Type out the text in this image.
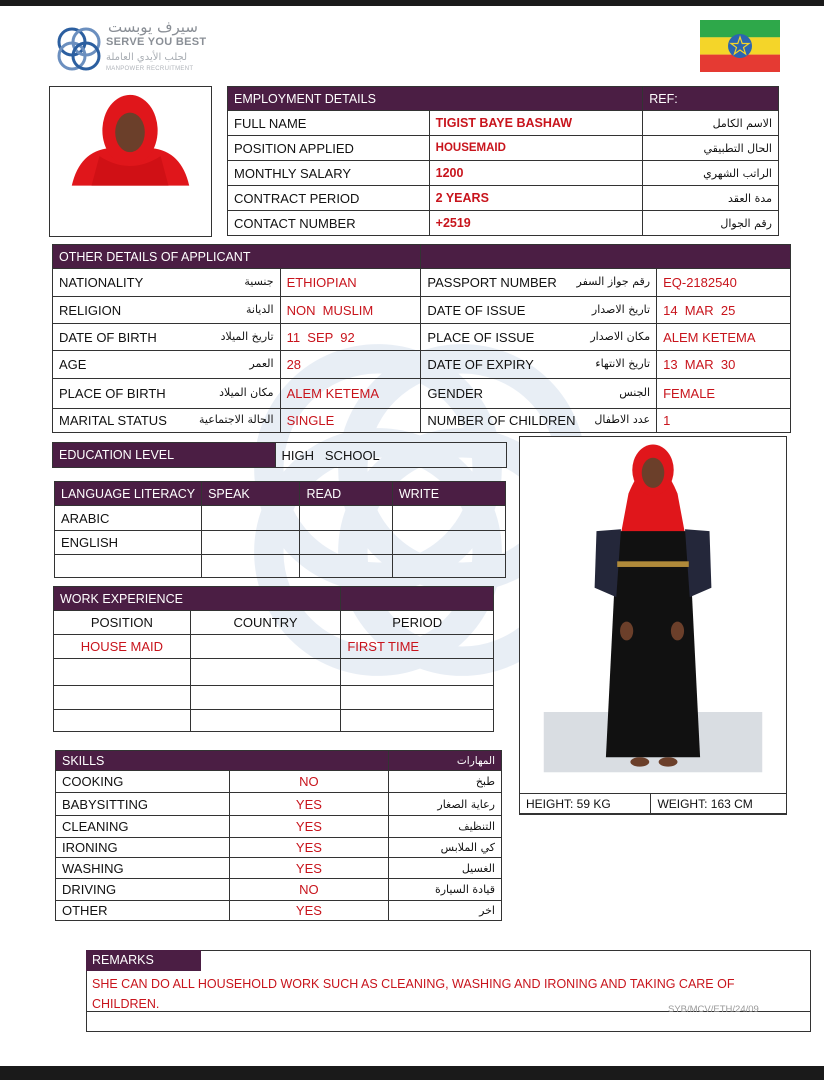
سيرف يوبست
SERVE YOU BEST
لجلب الأيدي العاملة
MANPOWER RECRUITMENT
EMPLOYMENT DETAILS		REF:
FULL NAME	TIGIST BAYE BASHAW	الاسم الكامل
POSITION APPLIED	HOUSEMAID	الحال التطبيقي
MONTHLY SALARY	1200	الراتب الشهري
CONTRACT PERIOD	2 YEARS	مدة العقد
CONTACT NUMBER	+2519	رقم الجوال
OTHER DETAILS OF APPLICANT			
NATIONALITY جنسية	ETHIOPIAN	PASSPORT NUMBER رقم جواز السفر	EQ-2182540
RELIGION الديانة	NON  MUSLIM	DATE OF ISSUE تاريخ الاصدار	14  MAR  25
DATE OF BIRTH تاريخ الميلاد	11  SEP  92	PLACE OF ISSUE مكان الاصدار	ALEM KETEMA
AGE العمر	28	DATE OF EXPIRY تاريخ الانتهاء	13  MAR  30
PLACE OF BIRTH مكان الميلاد	ALEM KETEMA	GENDER الجنس	FEMALE
MARITAL STATUS الحالة الاجتماعية	SINGLE	NUMBER OF CHILDREN عدد الاطفال	1
EDUCATION LEVEL	HIGH   SCHOOL
LANGUAGE LITERACY	SPEAK	READ	WRITE
ARABIC			
ENGLISH			

WORK EXPERIENCE		
POSITION	COUNTRY	PERIOD
HOUSE MAID		FIRST TIME

SKILLS		المهارات
COOKING	NO	طبخ
BABYSITTING	YES	رعاية الصغار
CLEANING	YES	التنظيف
IRONING	YES	كي الملابس
WASHING	YES	الغسيل
DRIVING	NO	قيادة السيارة
OTHER	YES	اخر
HEIGHT: 59 KG	WEIGHT: 163 CM
REMARKS
SHE CAN DO ALL HOUSEHOLD WORK SUCH AS CLEANING, WASHING AND IRONING AND TAKING CARE OF CHILDREN.	SYB/MCV/ETH/24/09
